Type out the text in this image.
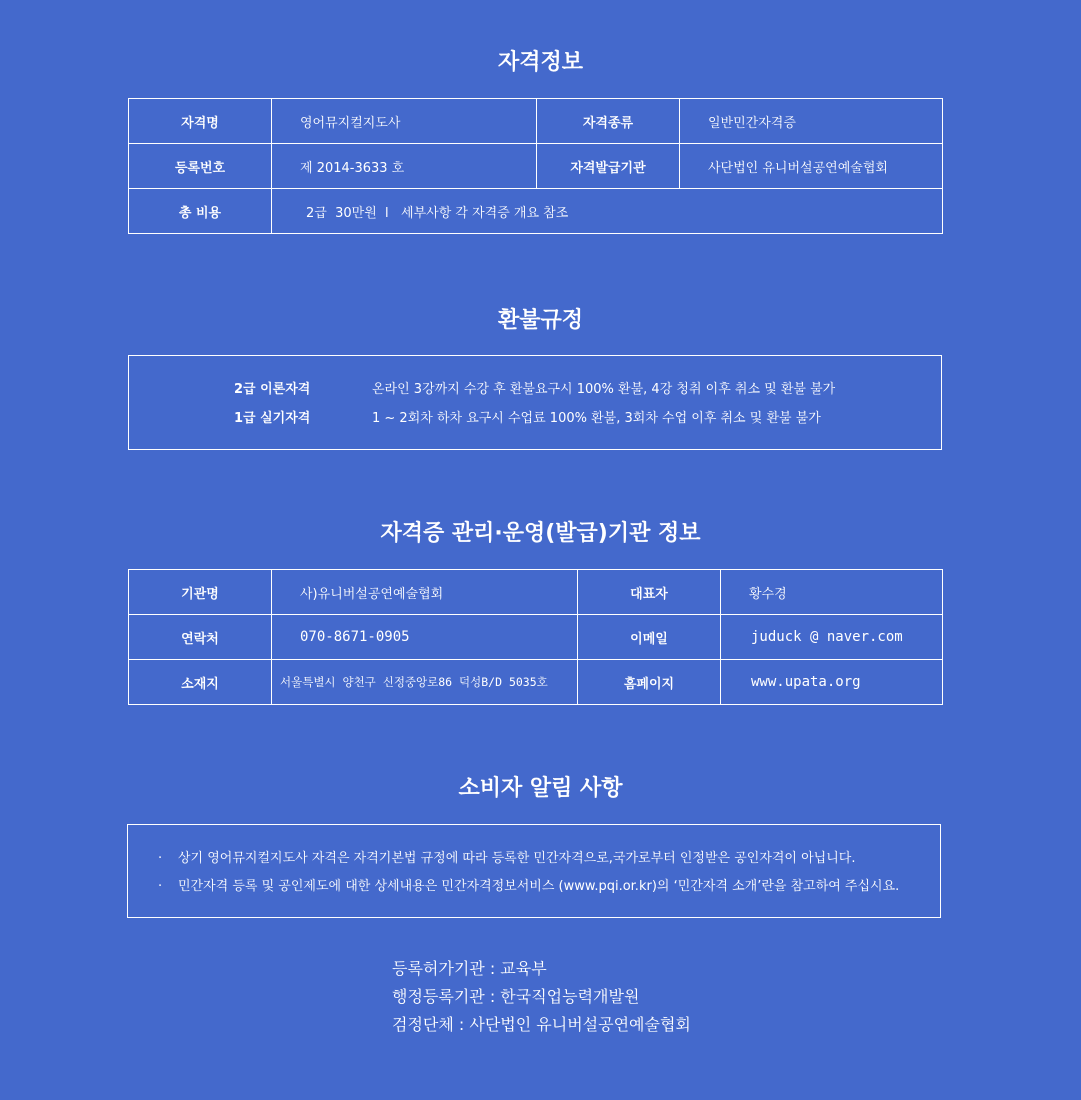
자격정보
자격명	영어뮤지컬지도사	자격종류	일반민간자격증
등록번호	제 2014-3633 호	자격발급기관	사단법인 유니버설공연예술협회
총 비용	2급  30만원  l   세부사항 각 자격증 개요 참조		
환불규정
2급 이론자격	온라인 3강까지 수강 후 환불요구시 100% 환불, 4강 청취 이후 취소 및 환불 불가
1급 실기자격	1 ~ 2회차 하차 요구시 수업료 100% 환불, 3회차 수업 이후 취소 및 환불 불가
자격증 관리·운영(발급)기관 정보
기관명	사)유니버설공연예술협회	대표자	황수경
연락처	070-8671-0905	이메일	juduck @ naver.com
소재지	서울특별시 양천구 신정중앙로86 덕성B/D 5035호	홈페이지	www.upata.org
소비자 알림 사항
· 상기 영어뮤지컬지도사 자격은 자격기본법 규정에 따라 등록한 민간자격으로,국가로부터 인정받은 공인자격이 아닙니다.
· 민간자격 등록 및 공인제도에 대한 상세내용은 민간자격정보서비스 (www.pqi.or.kr)의 ‘민간자격 소개’란을 참고하여 주십시요.
등록허가기관 : 교육부
행정등록기관 : 한국직업능력개발원
검정단체 : 사단법인 유니버설공연예술협회
